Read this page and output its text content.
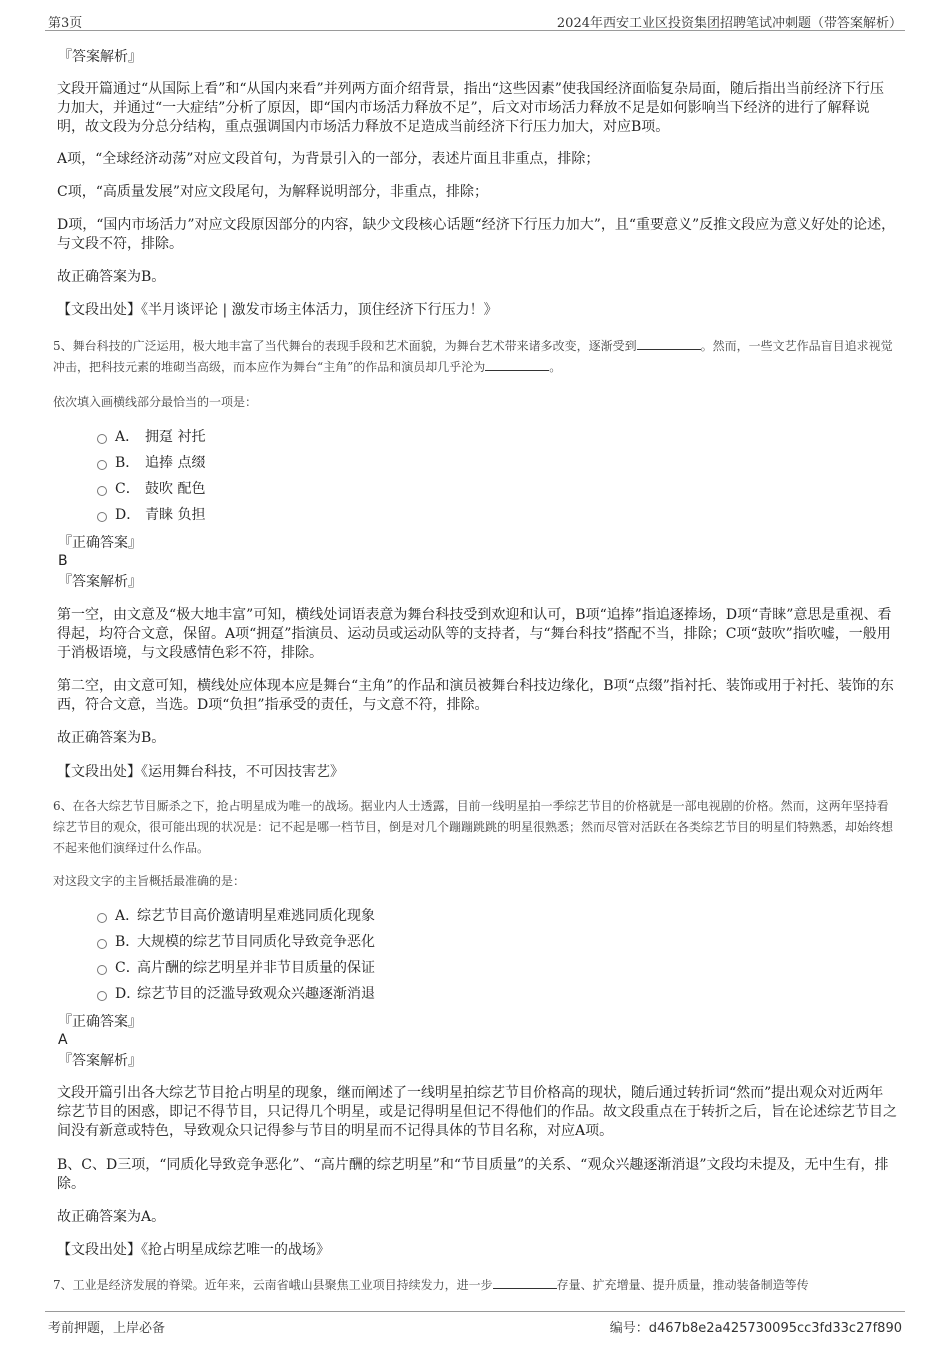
第3页	2024年西安工业区投资集团招聘笔试冲刺题（带答案解析）
『答案解析』

文段开篇通过“从国际上看”和“从国内来看”并列两方面介绍背景，指出“这些因素”使我国经济面临复杂局面，随后指出当前经济下行压力加大，并通过“一大症结”分析了原因，即“国内市场活力释放不足”，后文对市场活力释放不足是如何影响当下经济的进行了解释说明，故文段为分总分结构，重点强调国内市场活力释放不足造成当前经济下行压力加大，对应B项。

A项，“全球经济动荡”对应文段首句，为背景引入的一部分，表述片面且非重点，排除；

C项，“高质量发展”对应文段尾句，为解释说明部分，非重点，排除；

D项，“国内市场活力”对应文段原因部分的内容，缺少文段核心话题“经济下行压力加大”，且“重要意义”反推文段应为意义好处的论述，与文段不符，排除。

故正确答案为B。

【文段出处】《半月谈评论 | 激发市场主体活力，顶住经济下行压力！》

5、舞台科技的广泛运用，极大地丰富了当代舞台的表现手段和艺术面貌，为舞台艺术带来诸多改变，逐渐受到	。然而，一些文艺作品盲目追求视觉冲击，把科技元素的堆砌当高级，而本应作为舞台“主角”的作品和演员却几乎沦为	。

依次填入画横线部分最恰当的一项是：
A． 拥趸 衬托
B． 追捧 点缀
C． 鼓吹 配色
D． 青睐 负担
『正确答案』
B
『答案解析』

第一空，由文意及“极大地丰富”可知，横线处词语表意为舞台科技受到欢迎和认可，B项“追捧”指追逐捧场，D项“青睐”意思是重视、看得起，均符合文意，保留。A项“拥趸”指演员、运动员或运动队等的支持者，与“舞台科技”搭配不当，排除；C项“鼓吹”指吹嘘，一般用于消极语境，与文段感情色彩不符，排除。

第二空，由文意可知，横线处应体现本应是舞台“主角”的作品和演员被舞台科技边缘化，B项“点缀”指衬托、装饰或用于衬托、装饰的东西，符合文意，当选。D项“负担”指承受的责任，与文意不符，排除。

故正确答案为B。

【文段出处】《运用舞台科技，不可因技害艺》

6、在各大综艺节目厮杀之下，抢占明星成为唯一的战场。据业内人士透露，目前一线明星拍一季综艺节目的价格就是一部电视剧的价格。然而，这两年坚持看综艺节目的观众，很可能出现的状况是：记不起是哪一档节目，倒是对几个蹦蹦跳跳的明星很熟悉；然而尽管对活跃在各类综艺节目的明星们特熟悉，却始终想不起来他们演绎过什么作品。

对这段文字的主旨概括最准确的是：
A．
综艺节目高价邀请明星难逃同质化现象
B．
大规模的综艺节目同质化导致竞争恶化
C．
高片酬的综艺明星并非节目质量的保证
D．
综艺节目的泛滥导致观众兴趣逐渐消退
『正确答案』
A
『答案解析』

文段开篇引出各大综艺节目抢占明星的现象，继而阐述了一线明星拍综艺节目价格高的现状，随后通过转折词“然而”提出观众对近两年综艺节目的困惑，即记不得节目，只记得几个明星，或是记得明星但记不得他们的作品。故文段重点在于转折之后，旨在论述综艺节目之间没有新意或特色，导致观众只记得参与节目的明星而不记得具体的节目名称，对应A项。

B、C、D三项，“同质化导致竞争恶化”、“高片酬的综艺明星”和“节目质量”的关系、“观众兴趣逐渐消退”文段均未提及，无中生有，排除。

故正确答案为A。

【文段出处】《抢占明星成综艺唯一的战场》

7、工业是经济发展的脊梁。近年来，云南省峨山县聚焦工业项目持续发力，进一步	存量、扩充增量、提升质量，推动装备制造等传

考前押题，上岸必备	编号：d467b8e2a425730095cc3fd33c27f890
